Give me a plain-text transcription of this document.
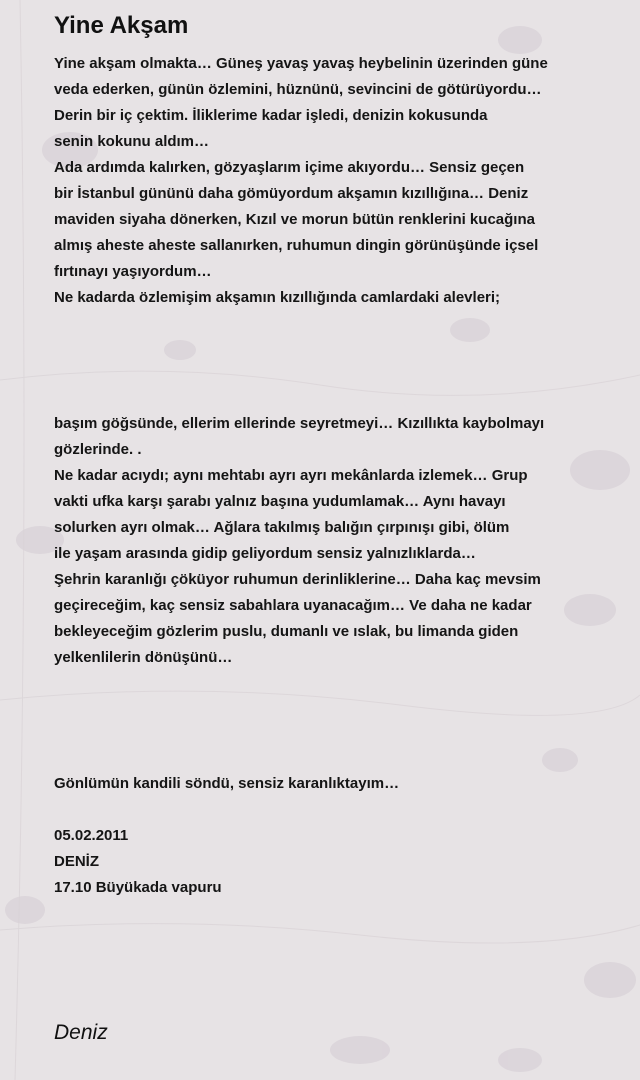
Yine Akşam
Yine akşam olmakta… Güneş yavaş yavaş heybelinin üzerinden güne
veda ederken, günün özlemini, hüznünü, sevincini de götürüyordu…
Derin bir iç çektim. İliklerime kadar işledi, denizin kokusunda
senin kokunu aldım…
Ada ardımda kalırken, gözyaşlarım içime akıyordu… Sensiz geçen
bir İstanbul gününü daha gömüyordum akşamın kızıllığına… Deniz
maviden siyaha dönerken, Kızıl ve morun bütün renklerini kucağına
almış aheste aheste sallanırken, ruhumun dingin görünüşünde içsel
fırtınayı yaşıyordum…
Ne kadarda özlemişim akşamın kızıllığında camlardaki alevleri;
başım göğsünde, ellerim ellerinde seyretmeyi… Kızıllıkta kaybolmayı
gözlerinde. .
Ne kadar acıydı; aynı mehtabı ayrı ayrı mekânlarda izlemek… Grup
vakti ufka karşı şarabı yalnız başına yudumlamak… Aynı havayı
solurken ayrı olmak… Ağlara takılmış balığın çırpınışı gibi, ölüm
ile yaşam arasında gidip geliyordum sensiz yalnızlıklarda…
Şehrin karanlığı çöküyor ruhumun derinliklerine… Daha kaç mevsim
geçireceğim, kaç sensiz sabahlara uyanacağım… Ve daha ne kadar
bekleyeceğim gözlerim puslu, dumanlı ve ıslak, bu limanda giden
yelkenlilerin dönüşünü…
Gönlümün kandili söndü, sensiz karanlıktayım…
05.02.2011
DENİZ
17.10 Büyükada vapuru
Deniz
